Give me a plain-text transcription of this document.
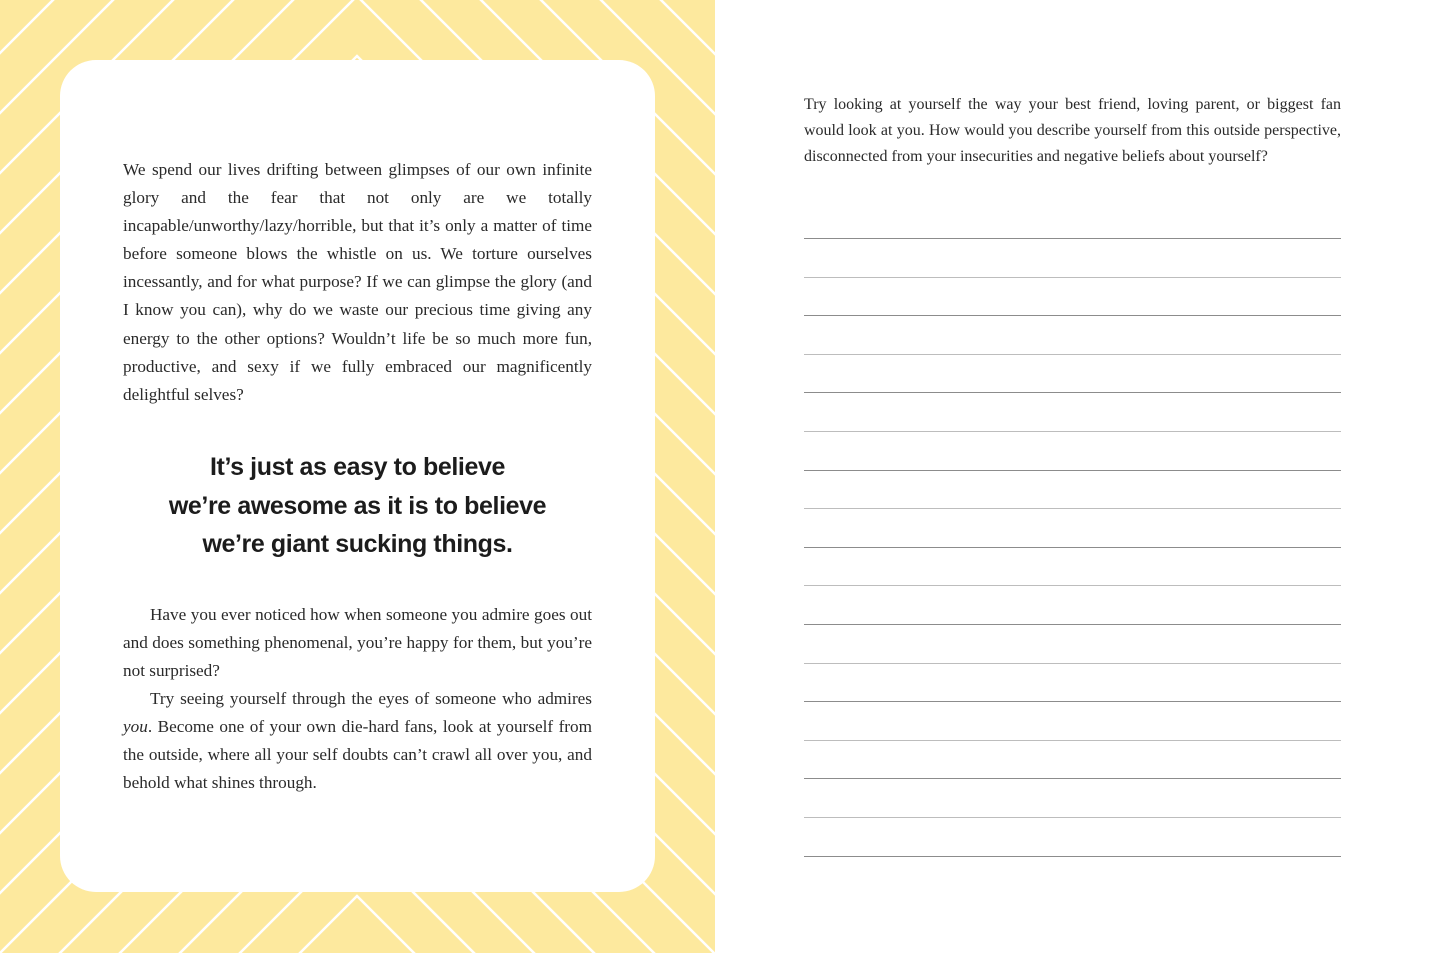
We spend our lives drifting between glimpses of our own infinite glory and the fear that not only are we totally incapable/unworthy/lazy/horrible, but that it’s only a matter of time before someone blows the whistle on us. We torture ourselves incessantly, and for what purpose? If we can glimpse the glory (and I know you can), why do we waste our precious time giving any energy to the other options? Wouldn’t life be so much more fun, productive, and sexy if we fully embraced our magnificently delightful selves?

It’s just as easy to believe
we’re awesome as it is to believe
we’re giant sucking things.

Have you ever noticed how when someone you admire goes out and does something phenomenal, you’re happy for them, but you’re not surprised?

Try seeing yourself through the eyes of someone who admires you. Become one of your own die-hard fans, look at yourself from the outside, where all your self doubts can’t crawl all over you, and behold what shines through.

Try looking at yourself the way your best friend, loving parent, or biggest fan would look at you. How would you describe yourself from this outside perspective, disconnected from your insecurities and negative beliefs about yourself?
